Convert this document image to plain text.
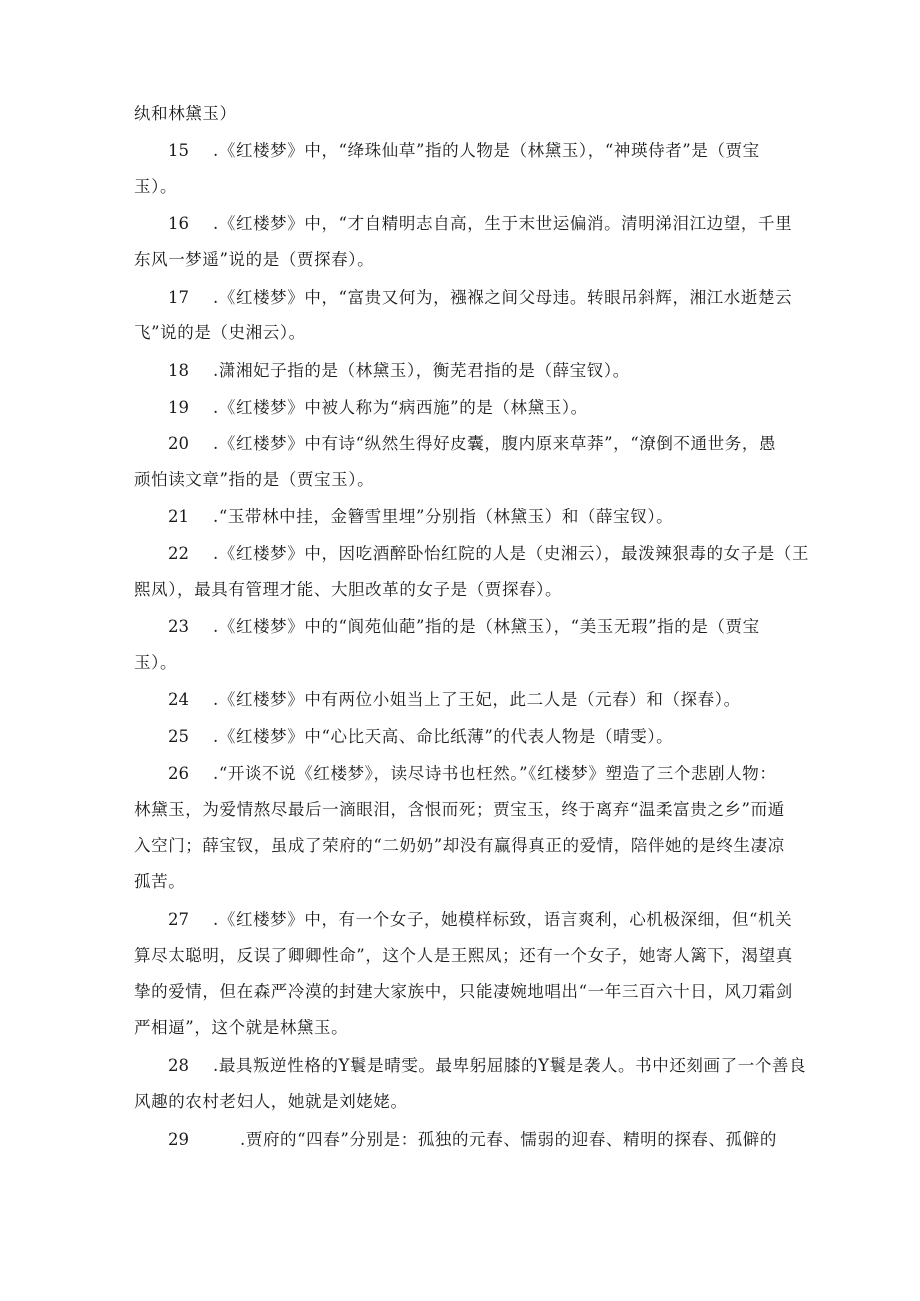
纨和林黛玉）
15 .《红楼梦》中，“绛珠仙草”指的人物是（林黛玉），“神瑛侍者”是（贾宝
玉）。
16 .《红楼梦》中，“才自精明志自高，生于末世运偏消。清明涕泪江边望，千里
东风一梦遥”说的是（贾探春）。
17 .《红楼梦》中，“富贵又何为，襁褓之间父母违。转眼吊斜辉，湘江水逝楚云
飞”说的是（史湘云）。
18 .潇湘妃子指的是（林黛玉），衡芜君指的是（薛宝钗）。
19 .《红楼梦》中被人称为“病西施”的是（林黛玉）。
20 .《红楼梦》中有诗“纵然生得好皮囊，腹内原来草莽”，“潦倒不通世务，愚
顽怕读文章”指的是（贾宝玉）。
21 .“玉带林中挂，金簪雪里埋”分别指（林黛玉）和（薛宝钗）。
22 .《红楼梦》中，因吃酒醉卧怡红院的人是（史湘云），最泼辣狠毒的女子是（王
熙凤），最具有管理才能、大胆改革的女子是（贾探春）。
23 .《红楼梦》中的“阆苑仙葩”指的是（林黛玉），“美玉无瑕”指的是（贾宝
玉）。
24 .《红楼梦》中有两位小姐当上了王妃，此二人是（元春）和（探春）。
25 .《红楼梦》中“心比天高、命比纸薄”的代表人物是（晴雯）。
26 .“开谈不说《红楼梦》，读尽诗书也枉然。”《红楼梦》塑造了三个悲剧人物：
林黛玉，为爱情熬尽最后一滴眼泪，含恨而死；贾宝玉，终于离弃“温柔富贵之乡”而遁
入空门；薛宝钗，虽成了荣府的“二奶奶”却没有赢得真正的爱情，陪伴她的是终生凄凉
孤苦。
27 .《红楼梦》中，有一个女子，她模样标致，语言爽利，心机极深细，但“机关
算尽太聪明，反误了卿卿性命”，这个人是王熙凤；还有一个女子，她寄人篱下，渴望真
挚的爱情，但在森严冷漠的封建大家族中，只能凄婉地唱出“一年三百六十日，风刀霜剑
严相逼”，这个就是林黛玉。
28 .最具叛逆性格的Y鬟是晴雯。最卑躬屈膝的Y鬟是袭人。书中还刻画了一个善良
风趣的农村老妇人，她就是刘姥姥。
29	.贾府的“四春”分别是：孤独的元春、懦弱的迎春、精明的探春、孤僻的
